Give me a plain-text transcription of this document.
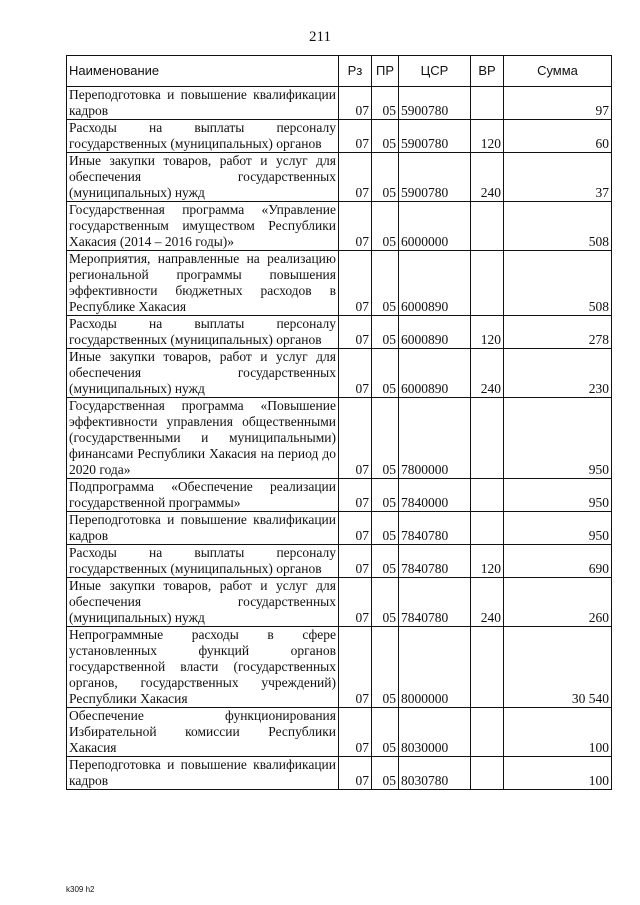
211
Наименование	Рз	ПР	ЦСР	ВР	Сумма
Переподготовка и повышение квалификации кадров	07	05	5900780		97
Расходы на выплаты персоналу государственных (муниципальных) органов	07	05	5900780	120	60
Иные закупки товаров, работ и услуг для обеспечения государственных (муниципальных) нужд	07	05	5900780	240	37
Государственная программа «Управление государственным имуществом Республики Хакасия (2014 – 2016 годы)»	07	05	6000000		508
Мероприятия, направленные на реализацию региональной программы повышения эффективности бюджетных расходов в Республике Хакасия	07	05	6000890		508
Расходы на выплаты персоналу государственных (муниципальных) органов	07	05	6000890	120	278
Иные закупки товаров, работ и услуг для обеспечения государственных (муниципальных) нужд	07	05	6000890	240	230
Государственная программа «Повышение эффективности управления общественными (государственными и муниципальными) финансами Республики Хакасия на период до 2020 года»	07	05	7800000		950
Подпрограмма «Обеспечение реализации государственной программы»	07	05	7840000		950
Переподготовка и повышение квалификации кадров	07	05	7840780		950
Расходы на выплаты персоналу государственных (муниципальных) органов	07	05	7840780	120	690
Иные закупки товаров, работ и услуг для обеспечения государственных (муниципальных) нужд	07	05	7840780	240	260
Непрограммные расходы в сфере установленных функций органов государственной власти (государственных органов, государственных учреждений) Республики Хакасия	07	05	8000000		30 540
Обеспечение функционирования Избирательной комиссии Республики Хакасия	07	05	8030000		100
Переподготовка и повышение квалификации кадров	07	05	8030780		100
k309 h2
